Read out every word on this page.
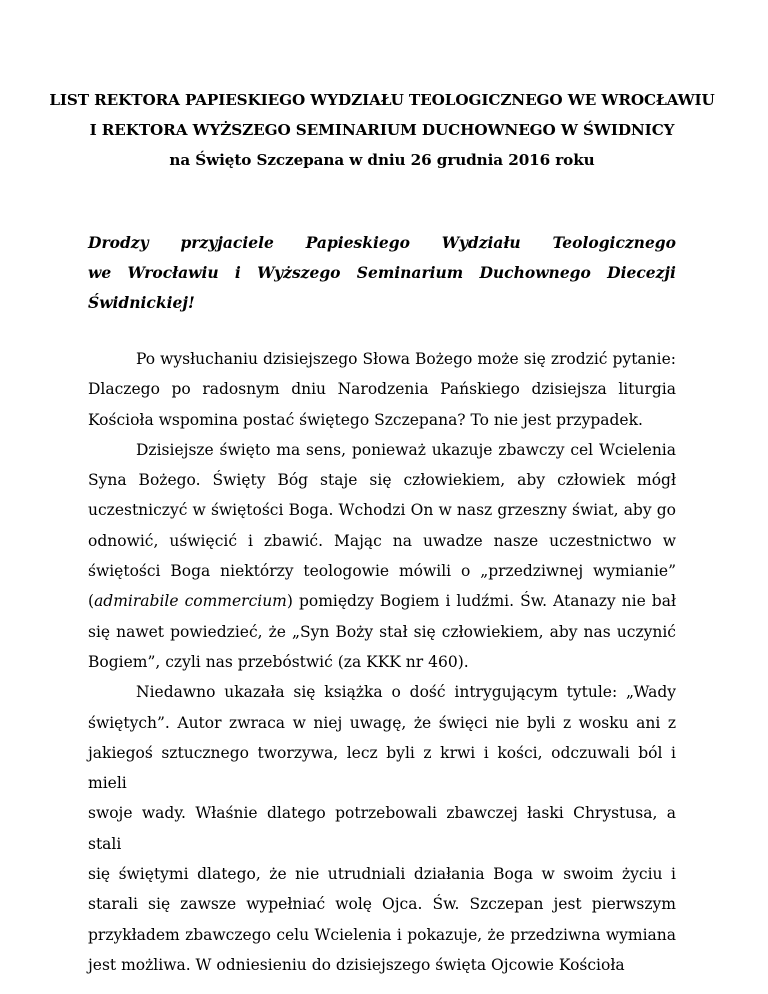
LIST REKTORA PAPIESKIEGO WYDZIAŁU TEOLOGICZNEGO WE WROCŁAWIU
I REKTORA WYŻSZEGO SEMINARIUM DUCHOWNEGO W ŚWIDNICY
na Święto Szczepana w dniu 26 grudnia 2016 roku
Drodzy przyjaciele Papieskiego Wydziału Teologicznego
we Wrocławiu i Wyższego Seminarium Duchownego Diecezji
Świdnickiej!
Po wysłuchaniu dzisiejszego Słowa Bożego może się zrodzić pytanie:
Dlaczego po radosnym dniu Narodzenia Pańskiego dzisiejsza liturgia
Kościoła wspomina postać świętego Szczepana? To nie jest przypadek.
Dzisiejsze święto ma sens, ponieważ ukazuje zbawczy cel Wcielenia
Syna Bożego. Święty Bóg staje się człowiekiem, aby człowiek mógł
uczestniczyć w świętości Boga. Wchodzi On w nasz grzeszny świat, aby go
odnowić, uświęcić i zbawić. Mając na uwadze nasze uczestnictwo w
świętości Boga niektórzy teologowie mówili o „przedziwnej wymianie”
(admirabile commercium) pomiędzy Bogiem i ludźmi. Św. Atanazy nie bał
się nawet powiedzieć, że „Syn Boży stał się człowiekiem, aby nas uczynić
Bogiem”, czyli nas przebóstwić (za KKK nr 460).
Niedawno ukazała się książka o dość intrygującym tytule: „Wady
świętych”. Autor zwraca w niej uwagę, że święci nie byli z wosku ani z
jakiegoś sztucznego tworzywa, lecz byli z krwi i kości, odczuwali ból i mieli
swoje wady. Właśnie dlatego potrzebowali zbawczej łaski Chrystusa, a stali
się świętymi dlatego, że nie utrudniali działania Boga w swoim życiu i
starali się zawsze wypełniać wolę Ojca. Św. Szczepan jest pierwszym
przykładem zbawczego celu Wcielenia i pokazuje, że przedziwna wymiana
jest możliwa. W odniesieniu do dzisiejszego święta Ojcowie Kościoła
